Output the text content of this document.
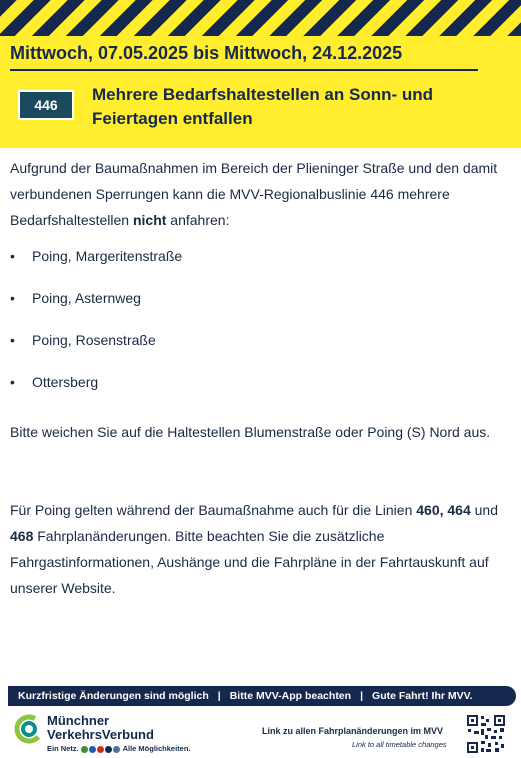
Mittwoch, 07.05.2025 bis Mittwoch, 24.12.2025
446
Mehrere Bedarfshaltestellen an Sonn- und Feiertagen entfallen

Aufgrund der Baumaßnahmen im Bereich der Plieninger Straße und den damit verbundenen Sperrungen kann die MVV-Regionalbuslinie 446 mehrere Bedarfshaltestellen nicht anfahren:

• Poing, Margeritenstraße
• Poing, Asternweg
• Poing, Rosenstraße
• Ottersberg

Bitte weichen Sie auf die Haltestellen Blumenstraße oder Poing (S) Nord aus.

Für Poing gelten während der Baumaßnahme auch für die Linien 460, 464 und 468 Fahrplanänderungen. Bitte beachten Sie die zusätzliche Fahrgastinformationen, Aushänge und die Fahrpläne in der Fahrtauskunft auf unserer Website.

Kurzfristige Änderungen sind möglich | Bitte MVV-App beachten | Gute Fahrt! Ihr MVV.
Münchner
VerkehrsVerbund
Ein Netz.	Alle Möglichkeiten.
Link zu allen Fahrplanänderungen im MVV
Link to all timetable changes
